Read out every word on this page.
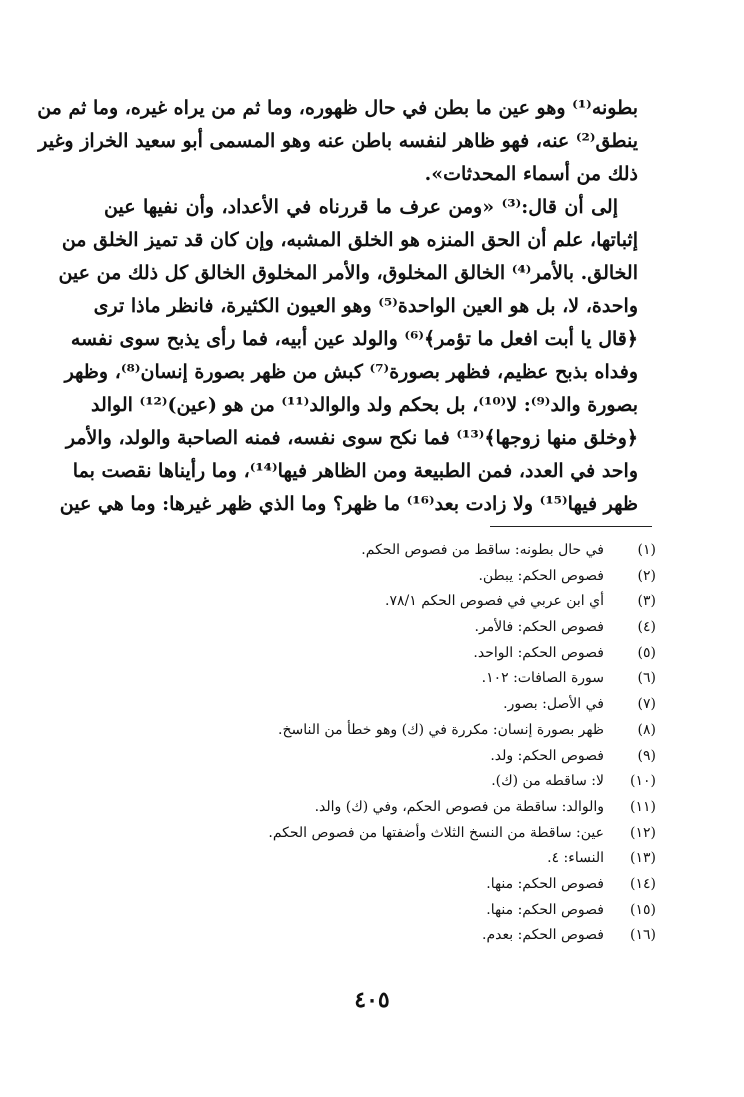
بطونه⁽¹⁾ وهو عين ما بطن في حال ظهوره، وما ثم من يراه غيره، وما ثم من
ينطق⁽²⁾ عنه، فهو ظاهر لنفسه باطن عنه وهو المسمى أبو سعيد الخراز وغير
ذلك من أسماء المحدثات».
إلى أن قال:⁽³⁾ «ومن عرف ما قررناه في الأعداد، وأن نفيها عين
إثباتها، علم أن الحق المنزه هو الخلق المشبه، وإن كان قد تميز الخلق من
الخالق. بالأمر⁽⁴⁾ الخالق المخلوق، والأمر المخلوق الخالق كل ذلك من عين
واحدة، لا، بل هو العين الواحدة⁽⁵⁾ وهو العيون الكثيرة، فانظر ماذا ترى
﴿قال يا أبت افعل ما تؤمر﴾⁽⁶⁾ والولد عين أبيه، فما رأى يذبح سوى نفسه
وفداه بذبح عظيم، فظهر بصورة⁽⁷⁾ كبش من ظهر بصورة إنسان⁽⁸⁾، وظهر
بصورة والد⁽⁹⁾: لا⁽¹⁰⁾، بل بحكم ولد والوالد⁽¹¹⁾ من هو (عين)⁽¹²⁾ الوالد
﴿وخلق منها زوجها﴾⁽¹³⁾ فما نكح سوى نفسه، فمنه الصاحبة والولد، والأمر
واحد في العدد، فمن الطبيعة ومن الظاهر فيها⁽¹⁴⁾، وما رأيناها نقصت بما
ظهر فيها⁽¹⁵⁾ ولا زادت بعد⁽¹⁶⁾ ما ظهر؟ وما الذي ظهر غيرها: وما هي عين
(١)
في حال بطونه: ساقط من فصوص الحكم.
(٢)
فصوص الحكم: يبطن.
(٣)
أي ابن عربي في فصوص الحكم ٧٨/١.
(٤)
فصوص الحكم: فالأمر.
(٥)
فصوص الحكم: الواحد.
(٦)
سورة الصافات: ١٠٢.
(٧)
في الأصل: بصور.
(٨)
ظهر بصورة إنسان: مكررة في (ك) وهو خطأ من الناسخ.
(٩)
فصوص الحكم: ولد.
(١٠)
لا: ساقطه من (ك).
(١١)
والوالد: ساقطة من فصوص الحكم، وفي (ك) والد.
(١٢)
عين: ساقطة من النسخ الثلاث وأضفتها من فصوص الحكم.
(١٣)
النساء: ٤.
(١٤)
فصوص الحكم: منها.
(١٥)
فصوص الحكم: منها.
(١٦)
فصوص الحكم: بعدم.
٤٠٥
